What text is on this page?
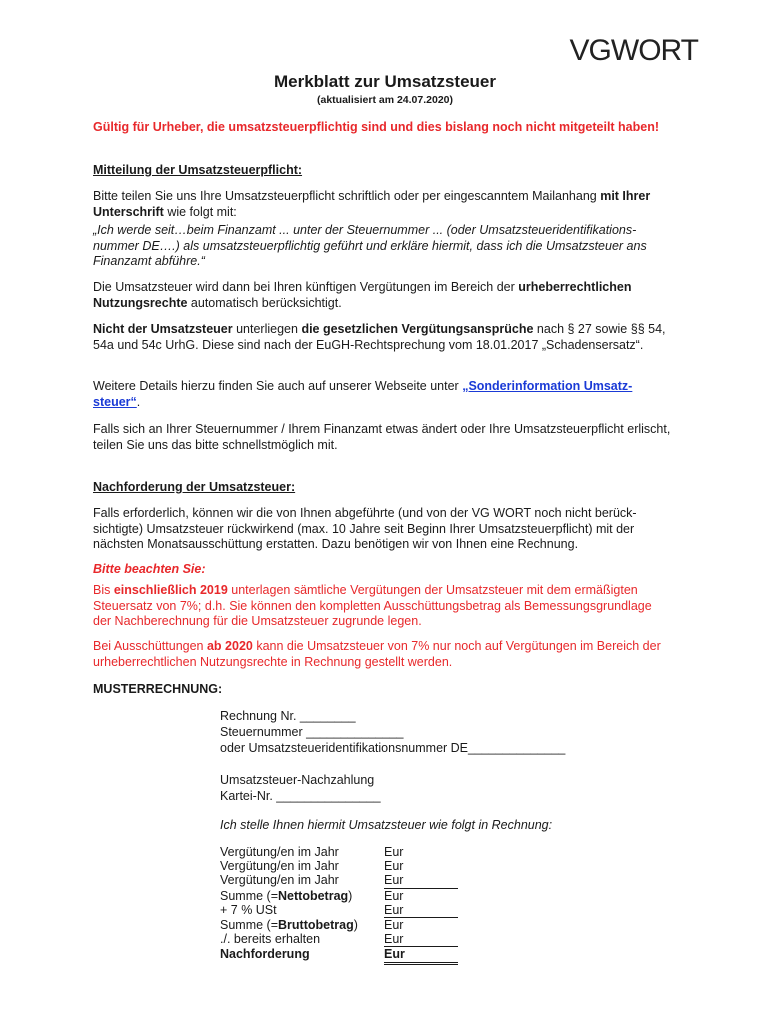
VGWORT
Merkblatt zur Umsatzsteuer
(aktualisiert am 24.07.2020)
Gültig für Urheber, die umsatzsteuerpflichtig sind und dies bislang noch nicht mitgeteilt haben!
Mitteilung der Umsatzsteuerpflicht:
Bitte teilen Sie uns Ihre Umsatzsteuerpflicht schriftlich oder per eingescanntem Mailanhang mit Ihrer Unterschrift wie folgt mit:
„Ich werde seit…beim Finanzamt ... unter der Steuernummer ... (oder Umsatzsteueridentifikations-nummer DE….) als umsatzsteuerpflichtig geführt und erkläre hiermit, dass ich die Umsatzsteuer ans Finanzamt abführe.“
Die Umsatzsteuer wird dann bei Ihren künftigen Vergütungen im Bereich der urheberrechtlichen Nutzungsrechte automatisch berücksichtigt.
Nicht der Umsatzsteuer unterliegen die gesetzlichen Vergütungsansprüche nach § 27 sowie §§ 54, 54a und 54c UrhG. Diese sind nach der EuGH-Rechtsprechung vom 18.01.2017 „Schadensersatz“.
Weitere Details hierzu finden Sie auch auf unserer Webseite unter „Sonderinformation Umsatz-steuer“.
Falls sich an Ihrer Steuernummer / Ihrem Finanzamt etwas ändert oder Ihre Umsatzsteuerpflicht erlischt, teilen Sie uns das bitte schnellstmöglich mit.
Nachforderung der Umsatzsteuer:
Falls erforderlich, können wir die von Ihnen abgeführte (und von der VG WORT noch nicht berück-sichtigte) Umsatzsteuer rückwirkend (max. 10 Jahre seit Beginn Ihrer Umsatzsteuerpflicht) mit der nächsten Monatsausschüttung erstatten. Dazu benötigen wir von Ihnen eine Rechnung.
Bitte beachten Sie:
Bis einschließlich 2019 unterlagen sämtliche Vergütungen der Umsatzsteuer mit dem ermäßigten Steuersatz von 7%; d.h. Sie können den kompletten Ausschüttungsbetrag als Bemessungsgrundlage der Nachberechnung für die Umsatzsteuer zugrunde legen.
Bei Ausschüttungen ab 2020 kann die Umsatzsteuer von 7% nur noch auf Vergütungen im Bereich der urheberrechtlichen Nutzungsrechte in Rechnung gestellt werden.
MUSTERRECHNUNG:
Rechnung Nr. ________
Steuernummer ______________
oder Umsatzsteueridentifikationsnummer DE______________
Umsatzsteuer-Nachzahlung
Kartei-Nr. _______________
Ich stelle Ihnen hiermit Umsatzsteuer wie folgt in Rechnung:
Vergütung/en im Jahr	Eur
Vergütung/en im Jahr	Eur
Vergütung/en im Jahr	Eur
Summe (=Nettobetrag)	Eur
+ 7 % USt	Eur
Summe (=Bruttobetrag)	Eur
./. bereits erhalten	Eur
Nachforderung	Eur
